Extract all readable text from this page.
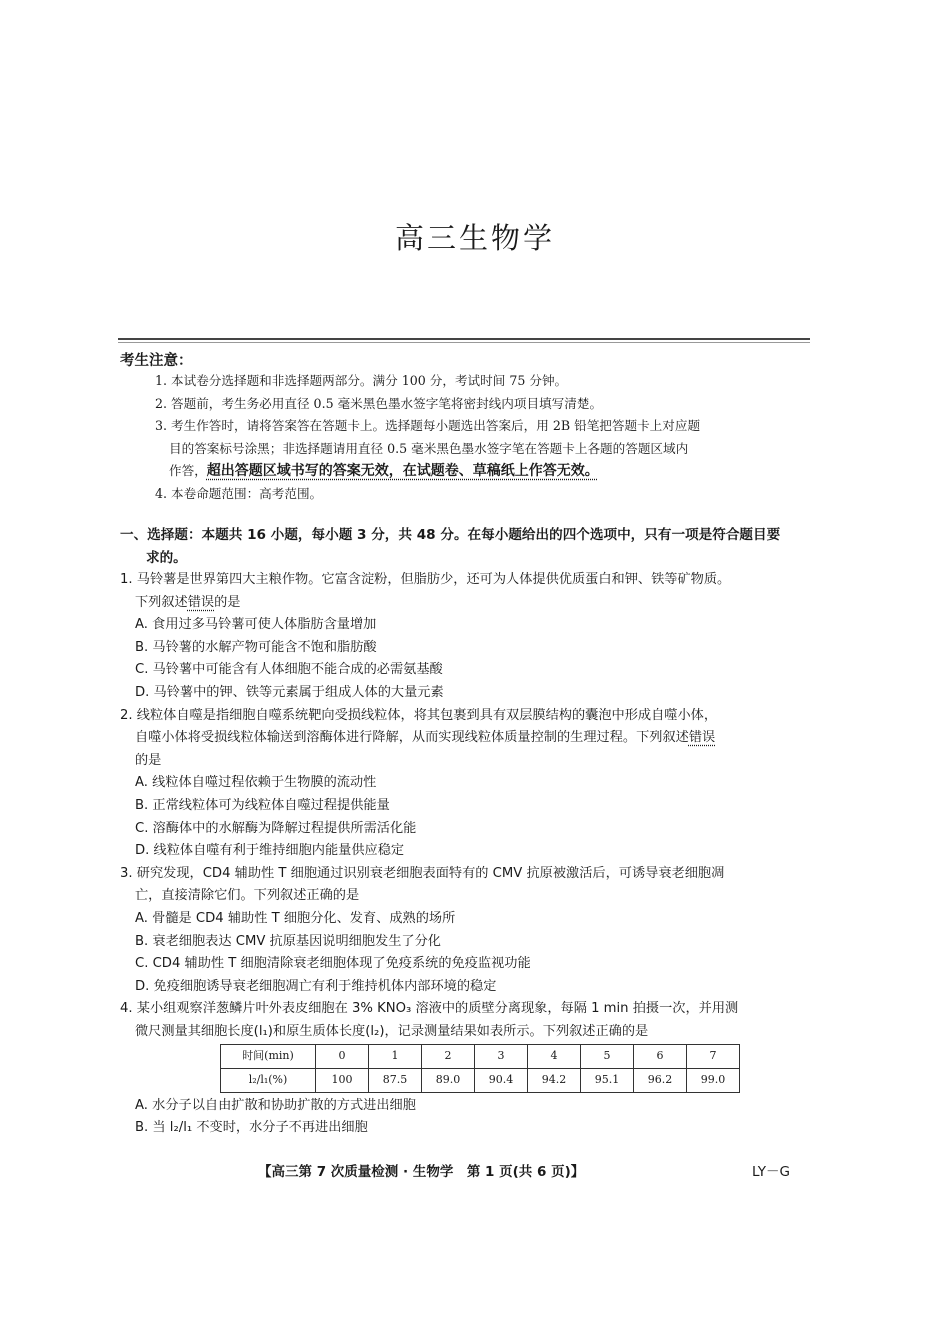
高三生物学
考生注意：

1. 本试卷分选择题和非选择题两部分。满分 100 分，考试时间 75 分钟。

2. 答题前，考生务必用直径 0.5 毫米黑色墨水签字笔将密封线内项目填写清楚。

3. 考生作答时，请将答案答在答题卡上。选择题每小题选出答案后，用 2B 铅笔把答题卡上对应题

目的答案标号涂黑；非选择题请用直径 0.5 毫米黑色墨水签字笔在答题卡上各题的答题区域内

作答，超出答题区域书写的答案无效，在试题卷、草稿纸上作答无效。

4. 本卷命题范围：高考范围。

一、选择题：本题共 16 小题，每小题 3 分，共 48 分。在每小题给出的四个选项中，只有一项是符合题目要
求的。

1. 马铃薯是世界第四大主粮作物。它富含淀粉，但脂肪少，还可为人体提供优质蛋白和钾、铁等矿物质。

下列叙述错误的是

A. 食用过多马铃薯可使人体脂肪含量增加

B. 马铃薯的水解产物可能含不饱和脂肪酸

C. 马铃薯中可能含有人体细胞不能合成的必需氨基酸

D. 马铃薯中的钾、铁等元素属于组成人体的大量元素

2. 线粒体自噬是指细胞自噬系统靶向受损线粒体，将其包裹到具有双层膜结构的囊泡中形成自噬小体，

自噬小体将受损线粒体输送到溶酶体进行降解，从而实现线粒体质量控制的生理过程。下列叙述错误

的是

A. 线粒体自噬过程依赖于生物膜的流动性

B. 正常线粒体可为线粒体自噬过程提供能量

C. 溶酶体中的水解酶为降解过程提供所需活化能

D. 线粒体自噬有利于维持细胞内能量供应稳定

3. 研究发现，CD4 辅助性 T 细胞通过识别衰老细胞表面特有的 CMV 抗原被激活后，可诱导衰老细胞凋

亡，直接清除它们。下列叙述正确的是

A. 骨髓是 CD4 辅助性 T 细胞分化、发育、成熟的场所

B. 衰老细胞表达 CMV 抗原基因说明细胞发生了分化

C. CD4 辅助性 T 细胞清除衰老细胞体现了免疫系统的免疫监视功能

D. 免疫细胞诱导衰老细胞凋亡有利于维持机体内部环境的稳定

4. 某小组观察洋葱鳞片叶外表皮细胞在 3% KNO₃ 溶液中的质壁分离现象，每隔 1 min 拍摄一次，并用测

微尺测量其细胞长度(l₁)和原生质体长度(l₂)，记录测量结果如表所示。下列叙述正确的是

时间(min)	0	1	2	3	4	5	6	7
l₂/l₁(%)	100	87.5	89.0	90.4	94.2	95.1	96.2	99.0

A. 水分子以自由扩散和协助扩散的方式进出细胞

B. 当 l₂/l₁ 不变时，水分子不再进出细胞

【高三第 7 次质量检测 · 生物学　第 1 页(共 6 页)】	LY－G
